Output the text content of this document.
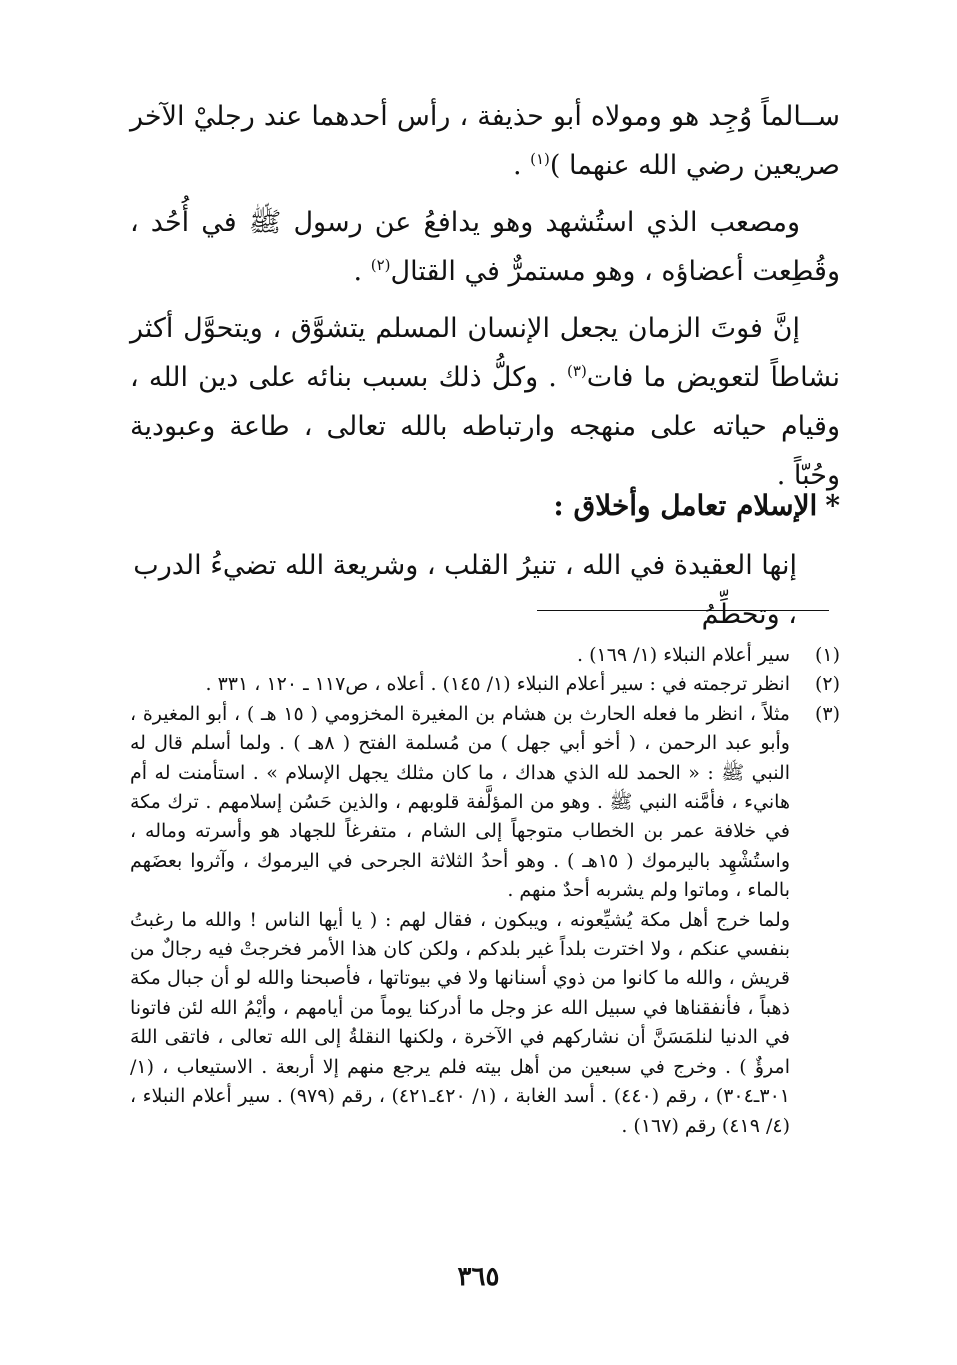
ســالماً وُجِد هو ومولاه أبو حذيفة ، رأس أحدهما عند رجليْ الآخر صريعين رضي الله عنهما )$^{(١)}$ .

ومصعب الذي استُشهد وهو يدافعُ عن رسول ﷺ في أُحُد ، وقُطِعت أعضاؤه ، وهو مستمرٌّ في القتال$^{(٢)}$ .

إنَّ فوتَ الزمان يجعل الإنسان المسلم يتشوَّق ، ويتحوَّل أكثر نشاطاً لتعويض ما فات$^{(٣)}$ . وكلُّ ذلك بسبب بنائه على دين الله ، وقيام حياته على منهجه وارتباطه بالله تعالى ، طاعة وعبودية وحُبّاً .

*الإسلام تعامل وأخلاق :
إنها العقيدة في الله ، تنيرُ القلب ، وشريعة الله تضيءُ الدرب ، وتحطِّمُ
(١)
سير أعلام النبلاء (١/ ١٦٩) .
(٢)
انظر ترجمته في : سير أعلام النبلاء (١/ ١٤٥) . أعلاه ، ص١١٧ ـ ١٢٠ ، ٣٣١ .
(٣)
مثلاً ، انظر ما فعله الحارث بن هشام بن المغيرة المخزومي ( ١٥ هـ ) ، أبو المغيرة ، وأبو عبد الرحمن ، ( أخو أبي جهل ) من مُسلمة الفتح ( ٨هـ ) . ولما أسلم قال له النبي ﷺ : « الحمد لله الذي هداك ، ما كان مثلك يجهل الإسلام » . استأمنت له أم هانيء ، فأمَّنه النبي ﷺ . وهو من المؤلَّفة قلوبهم ، والذين حَسُن إسلامهم . ترك مكة في خلافة عمر بن الخطاب متوجهاً إلى الشام ، متفرغاً للجهاد هو وأسرته وماله ، واستُشْهِد باليرموك ( ١٥هـ ) . وهو أحدُ الثلاثة الجرحى في اليرموك ، وآثروا بعضَهم بالماء ، وماتوا ولم يشربه أحدٌ منهم .

ولما خرج أهل مكة يُشيِّعونه ، ويبكون ، فقال لهم : ( يا أيها الناس ! والله ما رغبتُ بنفسي عنكم ، ولا اخترت بلداً غير بلدكم ، ولكن كان هذا الأمر فخرجتْ فيه رجالٌ من قريش ، والله ما كانوا من ذوي أسنانها ولا في بيوتاتها ، فأصبحنا والله لو أن جبال مكة ذهباً ، فأنفقناها في سبيل الله عز وجل ما أدركنا يوماً من أيامهم ، وأيْمُ الله لئن فاتونا في الدنيا لنلمَسَنَّ أن نشاركهم في الآخرة ، ولكنها النقلةُ إلى الله تعالى ، فاتقى اللهَ امرؤٌ ) . وخرج في سبعين من أهل بيته فلم يرجع منهم إلا أربعة . الاستيعاب ، (١/ ٣٠١ـ٣٠٤) ، رقم (٤٤٠) . أسد الغابة ، (١/ ٤٢٠ـ٤٢١) ، رقم (٩٧٩) . سير أعلام النبلاء ، (٤/ ٤١٩) رقم (١٦٧) .

٣٦٥
